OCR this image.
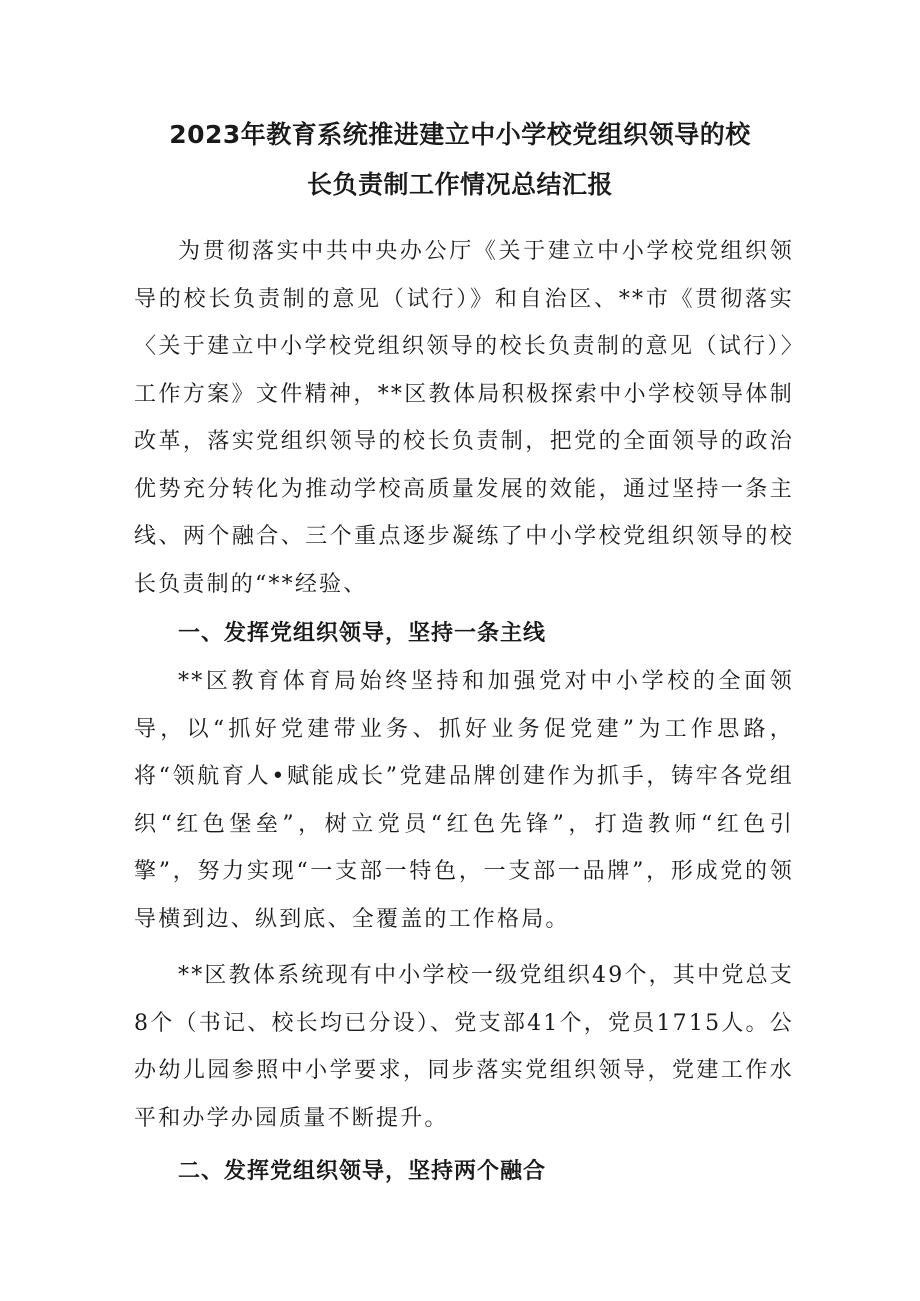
2023年教育系统推进建立中小学校党组织领导的校
长负责制工作情况总结汇报

为贯彻落实中共中央办公厅《关于建立中小学校党组织领导的校长负责制的意见（试行）》和自治区、**市《贯彻落实〈关于建立中小学校党组织领导的校长负责制的意见（试行）〉工作方案》文件精神，**区教体局积极探索中小学校领导体制改革，落实党组织领导的校长负责制，把党的全面领导的政治优势充分转化为推动学校高质量发展的效能，通过坚持一条主线、两个融合、三个重点逐步凝练了中小学校党组织领导的校长负责制的“**经验、

一、发挥党组织领导，坚持一条主线

**区教育体育局始终坚持和加强党对中小学校的全面领导，以“抓好党建带业务、抓好业务促党建”为工作思路，将“领航育人•赋能成长”党建品牌创建作为抓手，铸牢各党组织“红色堡垒”，树立党员“红色先锋”，打造教师“红色引擎”，努力实现“一支部一特色，一支部一品牌”，形成党的领导横到边、纵到底、全覆盖的工作格局。

**区教体系统现有中小学校一级党组织49个，其中党总支8个（书记、校长均已分设）、党支部41个，党员1715人。公办幼儿园参照中小学要求，同步落实党组织领导，党建工作水平和办学办园质量不断提升。

二、发挥党组织领导，坚持两个融合
